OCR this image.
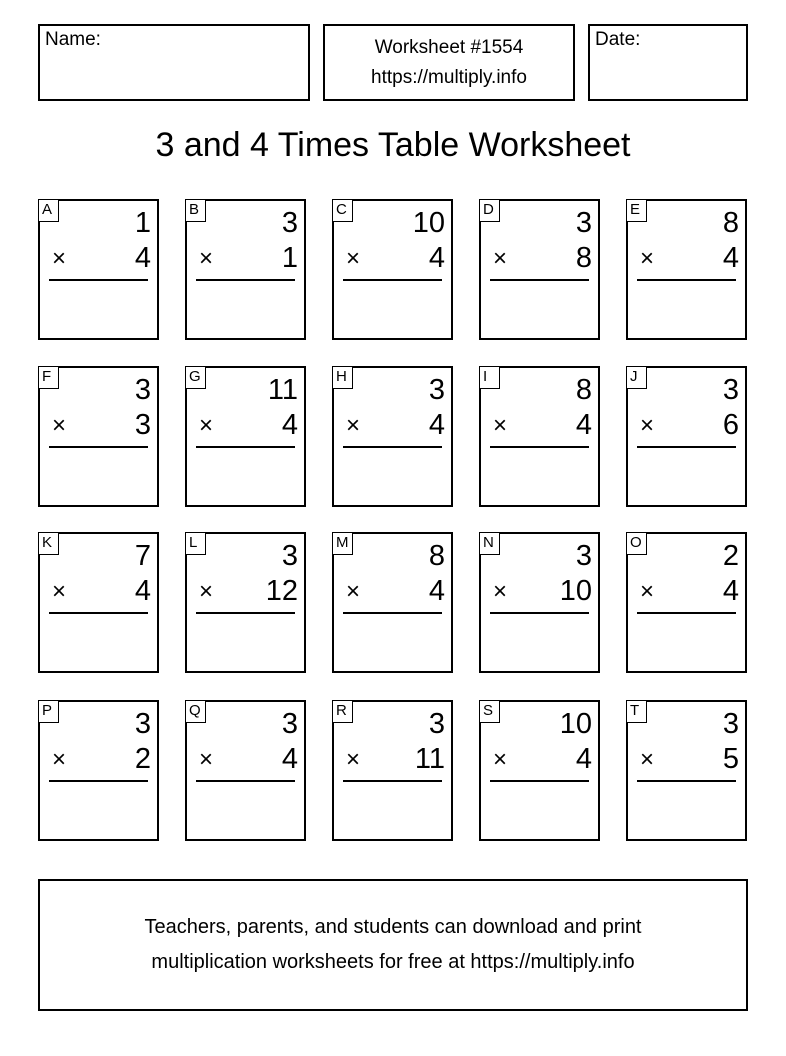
Name:	Worksheet #1554
https://multiply.info
Date:
3 and 4 Times Table Worksheet
A	1
× 4
B	3
× 1
C 10
× 4
D	3
× 8
E	8
× 4
F	3
× 3
G 11
× 4
H	3
× 4
I	8
× 4
J	3
× 6
K	7
× 4
L	3
× 12
M	8
× 4
N	3
× 10
O	2
× 4
P	3
× 2
Q	3
× 4
R	3
× 11
S 10
× 4
T	3
× 5
Teachers, parents, and students can download and print
multiplication worksheets for free at https://multiply.info
